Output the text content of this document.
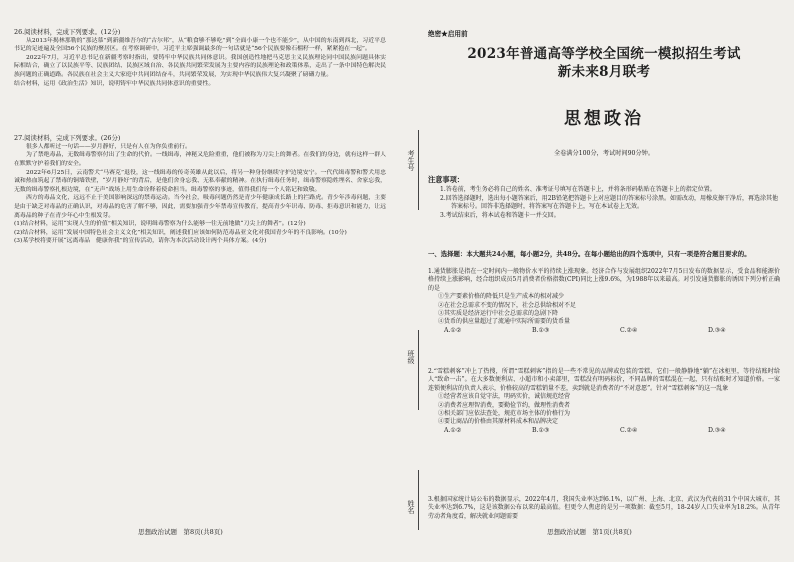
26.阅读材料，完成下列要求。(12分)

从2013年揭林那勒的“那达慕”到新疆维吾尔的“古尔邦”，从“粮食够不够吃”到“全面小康一个也不能少”，从中国的东南到西北，习近平总书记的足迹遍及全国56个民族的聚居区。在考察调研中，习近平主席强调最多的一句话就是“56个民族要像石榴籽一样，紧紧抱在一起”。

2022年7月，习近平总书记在新疆考察时指出，要铸牢中华民族共同体意识。我国创造性地把马克思主义民族理论同中国民族问题具体实际相结合，确立了以民族平等、民族团结、民族区域自治、各民族共同繁荣发展为主要内容的民族理论和政策体系，走出了一条中国特色解决民族问题的正确道路。各民族在社会主义大家庭中共同团结奋斗，共同繁荣发展，为实现中华民族伟大复兴凝聚了磅礴力量。

结合材料，运用《政治生活》知识，说明铸牢中华民族共同体意识的重要性。

27.阅读材料，完成下列要求。(26分)

很多人都听过一句话——岁月静好，只是有人在为你负重前行。

为了禁绝毒品，无数缉毒警察付出了生命的代价。一线缉毒，神秘又危险重重，他们被称为刀尖上的舞者。在我们的身边，就有这样一群人在默默守护着我们的安全。

2022年6月25日，云南警犬“马赛克”退役，这一线缉毒的传奇英雄从此以后，将另一种身份继续守护边境安宁。一代代缉毒警和警犬用忠诚和热血筑起了禁毒的铜墙铁壁，“岁月静好”的背后，是他们舍身忘我、无私奉献的精神。在执行缉毒任务时，缉毒警察隐姓埋名、舍家忘我，无数的缉毒警察扎根边境，在“无声”战场上用生命诠释着使命担当。缉毒警察的事迹，值得我们每一个人铭记和致敬。

西方的毒品文化，远远不止于美国影响深远的禁毒运动。当今社会，吸毒问题仍然是青少年健康成长路上的拦路虎。青少年涉毒问题，主要是由于缺乏对毒品的正确认识，对毒品的危害了解不够，因此，需要加强青少年禁毒宣传教育，提高青少年识毒、防毒、拒毒意识和能力，让远离毒品的种子在青少年心中生根发芽。

(1)结合材料，运用“实现人生的价值”相关知识，说明缉毒警察为什么能够一往无前地做“刀尖上的舞者”。(12分)

(2)结合材料，运用“发展中国特色社会主义文化”相关知识，阐述我们应该如何防范毒品亚文化对我国青少年的不良影响。(10分)

(3)某学校将要开展“远离毒品　健康你我”的宣传活动，请你为本次活动设计两个具体方案。(4分)

思想政治试题　第8页(共8页)
考生号
班级
姓名

绝密★启用前

2023年普通高等学校全国统一模拟招生考试
新未来8月联考
思想政治
全卷满分100分，考试时间90分钟。
注意事项：

1.答卷前，考生务必将自己的姓名、准考证号填写在答题卡上，并将条形码粘贴在答题卡上的指定位置。

2.回答选择题时，选出每小题答案后，用2B铅笔把答题卡上对应题目的答案标号涂黑。如需改动，用橡皮擦干净后，再选涂其他答案标号。回答非选择题时，将答案写在答题卡上，写在本试卷上无效。

3.考试结束后，将本试卷和答题卡一并交回。

一、选择题：本大题共24小题，每小题2分，共48分。在每小题给出的四个选项中，只有一项是符合题目要求的。

1.通货膨胀是指在一定时间内一般物价水平的持续上涨现象。经济合作与发展组织2022年7月5日发布的数据显示，受食品和能源价格持续上涨影响，经合组织成员5月消费者价格指数(CPI)同比上涨9.6%，为1988年以来最高。对引发通货膨胀的诱因下列分析正确的是

①生产要素价格的降低只是生产成本的相对减少

②在社会总需求不变的情况下，社会总供给相对不足

③其实质是经济运行中社会总需求的急剧下降

④货币的供应量超过了流通中实际所需要的货币量

A.①②	B.①③	C.②④	D.③④

2.“雪糕刺客”冲上了热搜，所谓“雪糕刺客”指的是一些不常见的品牌或包装的雪糕，它们一般静静地“躺”在冰柜里，等待结账时给人“致命一击”。在大多数便利店、小超市和小卖部里，雪糕没有明码标价，不同品牌的雪糕混在一起，只有结账时才知道价格。一家连锁便利店的负责人表示，价格较高的雪糕销量不差，卖到就是消费者的“不对意愿”。针对“雪糕刺客”的这一乱象

①经营者应该自觉守法，明码实价，诚信规范经营

②消费者应理智消费，要勤俭节约，做理性消费者

③相关部门应依法查处，规范市场主体的价格行为

④要让商品的价格由其原材料成本和品牌决定

A.①②	B.①③	C.②④	D.③④

3.根据国家统计局公布的数据显示，2022年4月，我国失业率达到6.1%，以广州、上海、北京、武汉为代表的31个中国大城市，其失业率达到6.7%，这是该数据公布以来的最高值。但更令人焦虑的是另一项数据：截至5月，18-24岁人口失业率为18.2%。从青年劳动者角度看，解决就业问题需要

思想政治试题　第1页(共8页)
